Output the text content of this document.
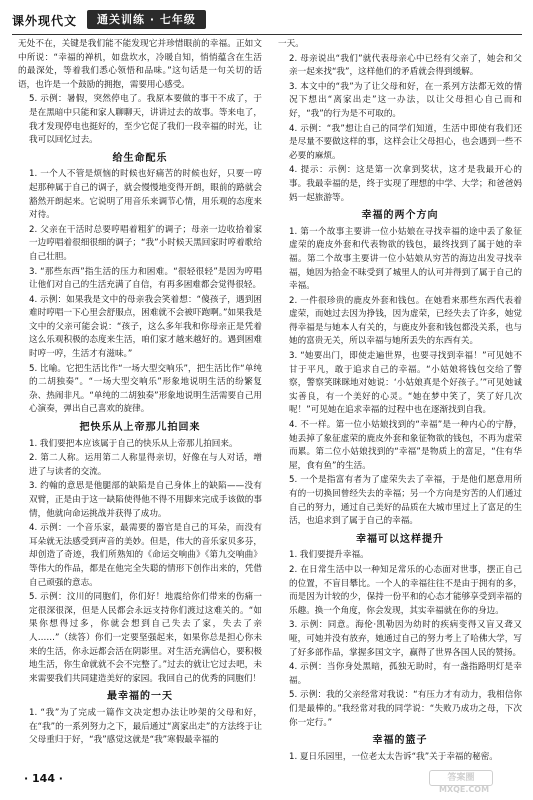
课外现代文	通关训练 · 七年级

无处不在，关键是我们能不能发现它并珍惜眼前的幸福。正如文中所说：“幸福的禅机，如盘坎水，冷暖自知，悄悄蕴含在生活的最深处，等着我们悉心领悟和品味。”这句话是一句关切的话语，也许是一个鼓励的拥抱，需要用心感受。

5. 示例：暑假，突然停电了。我原本要做的事干不成了，于是在黑暗中只能和家人聊聊天，讲讲过去的故事。等来电了，我才发现停电也挺好的，至少它促了我们一段幸福的时光，让我可以回忆过去。

给生命配乐

1. 一个人不管是烦恼的时候也好痛苦的时候也好，只要一哼起那种属于自己的调子，就会慢慢地变得开朗，眼前的路就会豁然开朗起来。它说明了用音乐来调节心情，用乐观的态度来对待。

2. 父亲在干活时总要哼唱着粗犷的调子；母亲一边收拾着家一边哼唱着很细很细的调子；“我”小时候天黑回家时哼着歌给自己壮胆。

3. “那些东西”指生活的压力和困难。“很轻很轻”是因为哼唱让他们对自己的生活充满了自信，有再多困难都会觉得很轻。

4. 示例：如果我是文中的母亲我会笑着想：“傻孩子，遇到困难时哼唱一下心里会舒服点，困难就不会被吓跑啊。”如果我是文中的父亲可能会说：“孩子，这么多年我和你母亲正是凭着这么乐观积极的态度来生活，咱们家才越来越好的。遇到困难时哼一哼，生活才有滋味。”

5. 比喻。它把生活比作“一场大型交响乐”，把生活比作“单纯的二胡独奏”。“一场大型交响乐”形象地说明生活的纷繁复杂、热闹非凡。“单纯的二胡独奏”形象地说明生活需要自己用心演奏，弹出自己喜欢的旋律。

把快乐从上帝那儿拍回来

1. 我们要把本应该属于自己的快乐从上帝那儿拍回来。

2. 第二人称。运用第二人称显得亲切，好像在与人对话，增进了与读者的交流。

3. 约翰的意思是他腿部的缺陷是自己身体上的缺陷——没有双臂，正是由于这一缺陷使得他不得不用脚来完成手该做的事情，他就向命运挑战并获得了成功。

4. 示例：一个音乐家，最需要的器官是自己的耳朵，而没有耳朵就无法感受到声音的美妙。但是，伟大的音乐家贝多芬，却创造了奇迹，我们所熟知的《命运交响曲》《第九交响曲》等伟大的作品，都是在他完全失聪的情形下创作出来的，凭借自己顽强的意志。

5. 示例：汶川的同胞们，你们好！地震给你们带来的伤痛一定很深很深，但是人民都会永远支持你们渡过这难关的。“如果你想得过多，你就会想到自己失去了家，失去了亲人……”（续答）你们一定要坚强起来，如果你总是担心你未来的生活，你永远都会活在阴影里。对生活充满信心，要积极地生活，你生命就就不会不完整了。”过去的就让它过去吧，未来需要我们共同建造美好的家园。我回自己的优秀的同胞们！

最幸福的一天

1. “我”为了完成一篇作文决定想办法让吵架的父母和好，在“我”的一系列努力之下，最后通过“离家出走”的方法终于让父母重归于好，“我”感觉这就是“我”寒假最幸福的

一天。

2. 母亲说出“我们”就代表母亲心中已经有父亲了，她会和父亲一起来找“我”，这样他们的矛盾就会得到缓解。

3. 本文中的“我”为了让父母和好，在一系列方法都无效的情况下想出“离家出走”这一办法，以让父母担心自己而和好，“我”的行为是不可取的。

4. 示例：“我”想让自己的同学们知道，生活中即使有我们还是尽量不要做这样的事，这样会让父母担心，也会遇到一些不必要的麻烦。

4. 提示：示例：这是第一次拿到奖状，这才是我最开心的事。我最幸福的是，终于实现了理想的中学、大学；和爸爸妈妈一起旅游等。

幸福的两个方向

1. 第一个故事主要讲一位小姑娘在寻找幸福的途中丢了象征虚荣的鹿皮外套和代表物欲的钱包，最终找到了属于她的幸福。第二个故事主要讲一位小姑娘从穷苦的海边出发寻找幸福，她因为拾金不昧受到了城里人的认可并得到了属于自己的幸福。

2. 一件很珍贵的鹿皮外套和钱包。在她看来那些东西代表着虚荣，而她过去因为挣钱，因为虚荣，已经失去了许多，她觉得幸福是与她本人有关的，与鹿皮外套和钱包都没关系，也与她的富贵无关，所以幸福与她所丢失的东西有关。

3. “她要出门，即使走遍世界，也要寻找到幸福！”可见她不甘于平凡，敢于追求自己的幸福。“小姑娘将钱包交给了警察，警察笑眯眯地对她说：‘小姑娘真是个好孩子。’”可见她诚实善良，有一个美好的心灵。“她在梦中笑了，笑了好几次呢！”可见她在追求幸福的过程中也在逐渐找到自我。

4. 不一样。第一位小姑娘找到的“幸福”是一种内心的宁静，她丢掉了象征虚荣的鹿皮外套和象征物欲的钱包，不再为虚荣而累。第二位小姑娘找到的“幸福”是物质上的富足，“住有华屋，食有鱼”的生活。

5. 一个是指富有者为了虚荣失去了幸福，于是他们愿意用所有的一切换回曾经失去的幸福；另一个方向是穷苦的人们通过自己的努力，通过自己美好的品质在大城市里过上了富足的生活，也追求到了属于自己的幸福。

幸福可以这样提升

1. 我们要提升幸福。

2. 在日常生活中以一种知足常乐的心态面对世事，摆正自己的位置，不盲目攀比。一个人的幸福往往不是由于拥有的多，而是因为计较的少，保持一份平和的心态才能够享受到幸福的乐趣。换一个角度，你会发现，其实幸福就在你的身边。

3. 示例：同意。海伦·凯勒因为幼时的疾病变得又盲又聋又哑，可她并没有放弃，她通过自己的努力考上了哈佛大学，写了好多部作品，掌握多国文字，赢得了世界各国人民的赞扬。

4. 示例：当你身处黑暗，孤独无助时，有一盏指路明灯是幸福。

5. 示例：我的父亲经常对我说：“有压力才有动力，我相信你们是最棒的。”我经常对我的同学说：“失败乃成功之母，下次你一定行。”

幸福的篮子

1. 夏日乐园里，一位老太太告诉“我”关于幸福的秘密。

· 144 ·	答案圈
MXQE.COM
